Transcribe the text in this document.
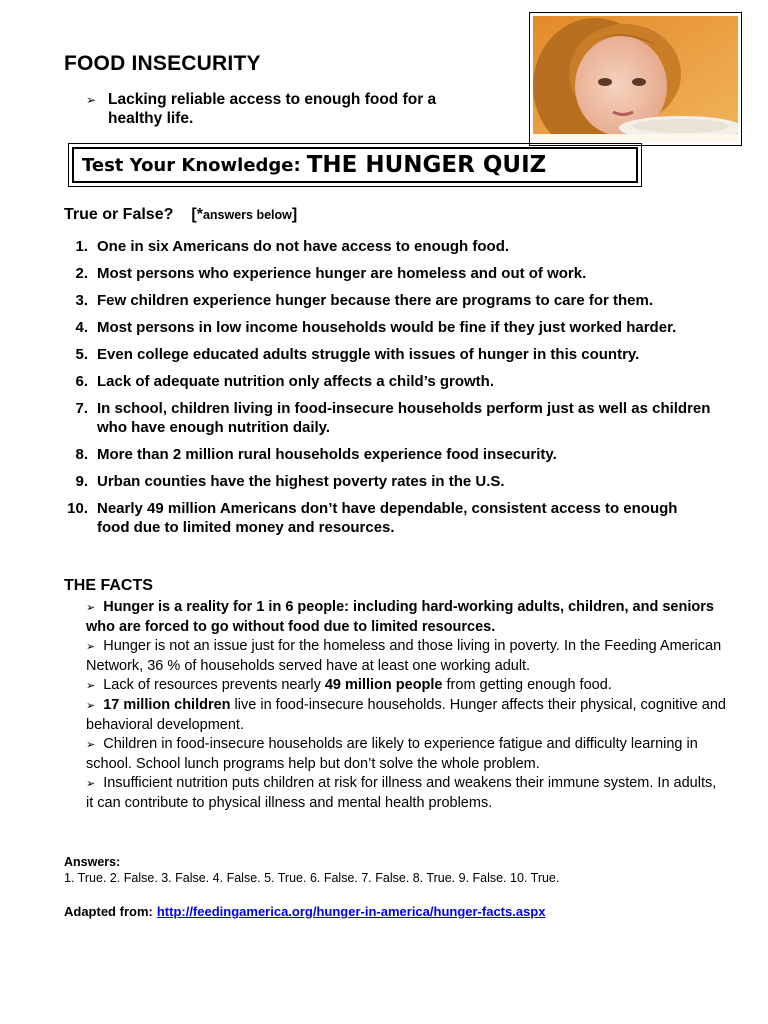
FOOD INSECURITY
➢ Lacking reliable access to enough food for a healthy life.
Test Your Knowledge: THE HUNGER QUIZ
True or False? [*answers below]
1. One in six Americans do not have access to enough food.
2. Most persons who experience hunger are homeless and out of work.
3. Few children experience hunger because there are programs to care for them.
4. Most persons in low income households would be fine if they just worked harder.
5. Even college educated adults struggle with issues of hunger in this country.
6. Lack of adequate nutrition only affects a child’s growth.
7. In school, children living in food-insecure households perform just as well as children who have enough nutrition daily.
8. More than 2 million rural households experience food insecurity.
9. Urban counties have the highest poverty rates in the U.S.
10. Nearly 49 million Americans don’t have dependable, consistent access to enough food due to limited money and resources.
THE FACTS
➢ Hunger is a reality for 1 in 6 people: including hard-working adults, children, and seniors who are forced to go without food due to limited resources.
➢ Hunger is not an issue just for the homeless and those living in poverty. In the Feeding American Network, 36 % of households served have at least one working adult.
➢ Lack of resources prevents nearly 49 million people from getting enough food.
➢ 17 million children live in food-insecure households. Hunger affects their physical, cognitive and behavioral development.
➢ Children in food-insecure households are likely to experience fatigue and difficulty learning in school. School lunch programs help but don’t solve the whole problem.
➢ Insufficient nutrition puts children at risk for illness and weakens their immune system. In adults, it can contribute to physical illness and mental health problems.
Answers:
1. True. 2. False. 3. False. 4. False. 5. True. 6. False. 7. False. 8. True. 9. False. 10. True.
Adapted from: http://feedingamerica.org/hunger-in-america/hunger-facts.aspx
